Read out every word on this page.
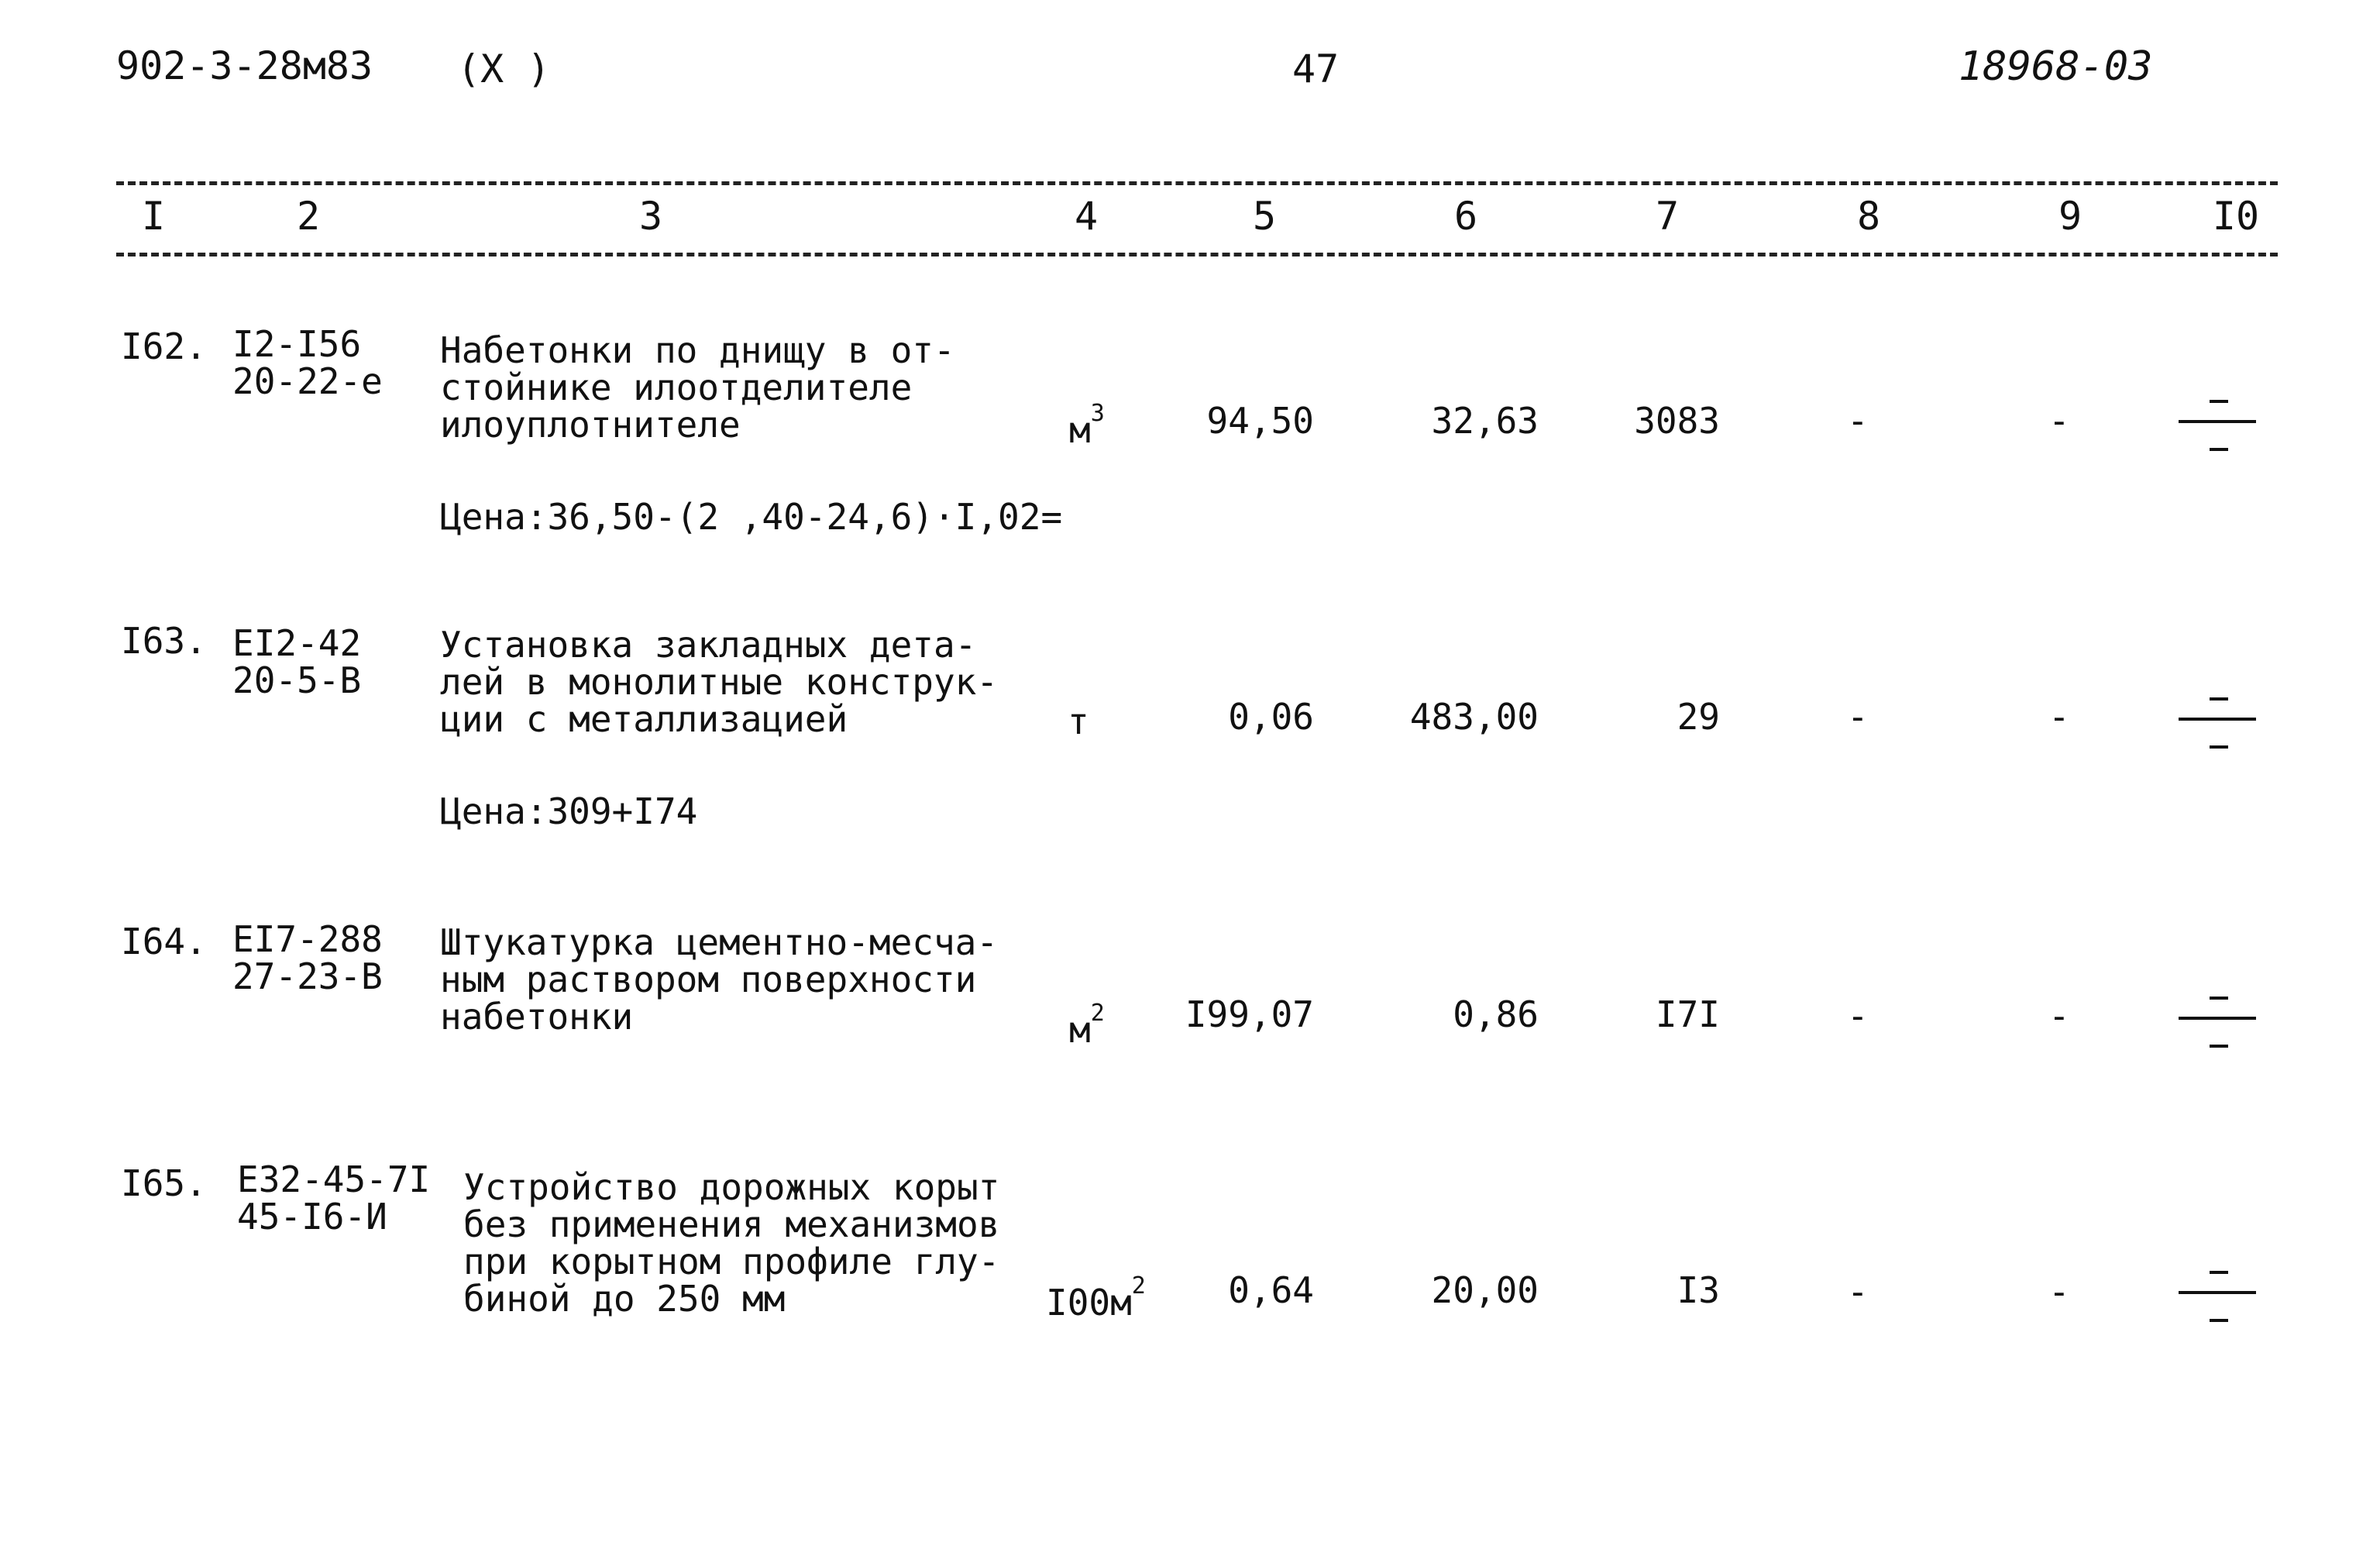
902-3-28м83 (X )	47	18968-03
I	2	3	4	5	6	7	8	9	I0
I62. I2-I56
20-22-е
Набетонки по днищу в от-
стойнике илоотделителе
илоуплотнителе	$м^3$	94,50	32,63	3083	-	-
Цена:36,50-(2 ,40-24,6)·I,02=
I63. ЕI2-42
20-5-В
Установка закладных дета-
лей в монолитные конструк-
ции с металлизацией	т	0,06	483,00	29	-	-
Цена:309+I74
I64. ЕI7-288
27-23-В
Штукатурка цементно-месча-
ным раствором поверхности
набетонки	$м^2$	I99,07	0,86	I7I	-	-
I65. Е32-45-7I
45-I6-И
Устройство дорожных корыт
без применения механизмов
при корытном профиле глу-
биной до 250 мм	$I00м^2$	0,64	20,00	I3	-	-
